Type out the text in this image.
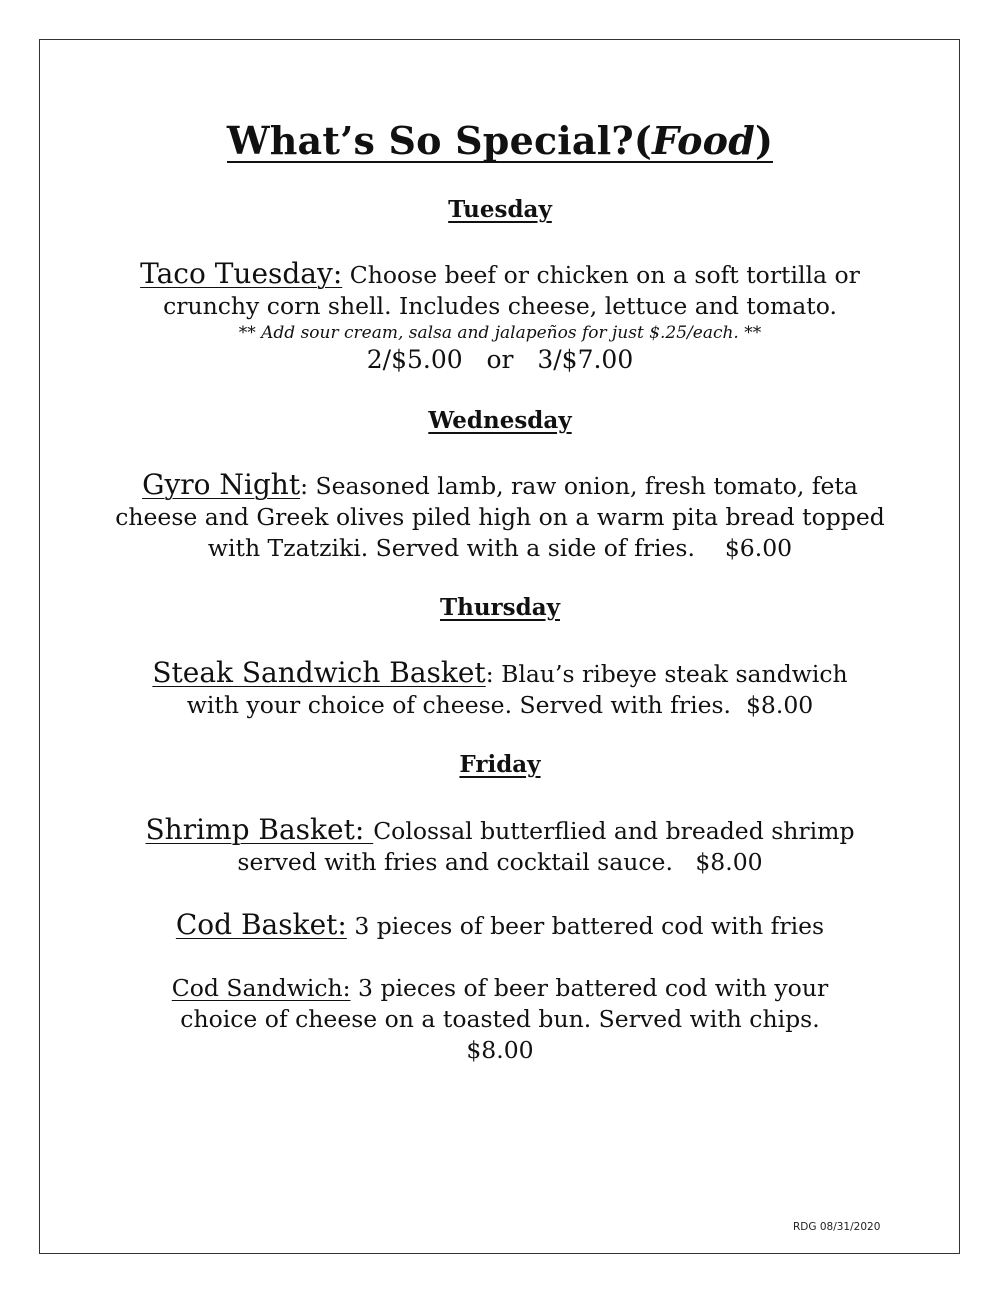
What’s So Special?(Food)
Tuesday
Taco Tuesday: Choose beef or chicken on a soft tortilla or crunchy corn shell. Includes cheese, lettuce and tomato.
** Add sour cream, salsa and jalapeños for just $.25/each. **
2/$5.00   or   3/$7.00
Wednesday
Gyro Night: Seasoned lamb, raw onion, fresh tomato, feta cheese and Greek olives piled high on a warm pita bread topped with Tzatziki. Served with a side of fries.    $6.00
Thursday
Steak Sandwich Basket: Blau’s ribeye steak sandwich with your choice of cheese. Served with fries.  $8.00
Friday
Shrimp Basket: Colossal butterflied and breaded shrimp served with fries and cocktail sauce.   $8.00
Cod Basket: 3 pieces of beer battered cod with fries
Cod Sandwich: 3 pieces of beer battered cod with your choice of cheese on a toasted bun. Served with chips.
$8.00
RDG 08/31/2020
